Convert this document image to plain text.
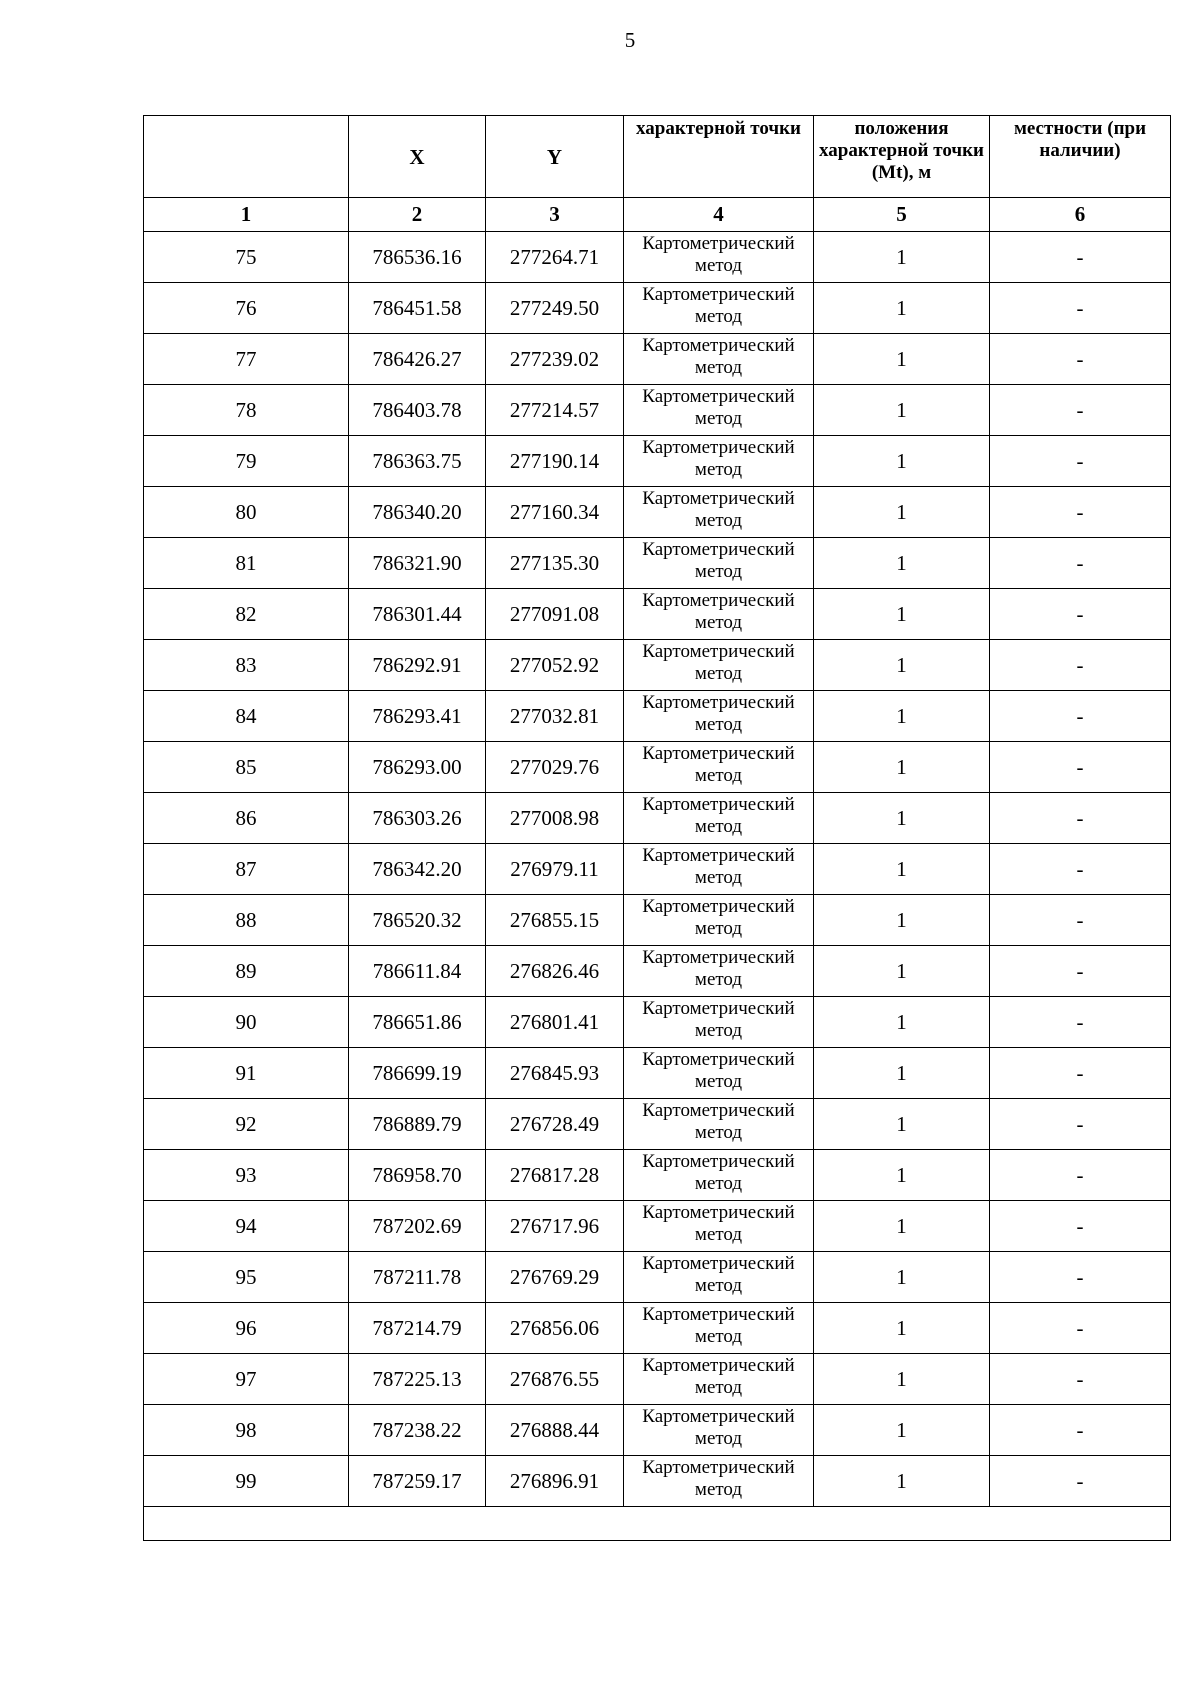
5
	X	Y	характерной точки	положения характерной точки (Mt), м	местности (при наличии)
1	2	3	4	5	6
75	786536.16	277264.71	Картометрический метод	1	-
76	786451.58	277249.50	Картометрический метод	1	-
77	786426.27	277239.02	Картометрический метод	1	-
78	786403.78	277214.57	Картометрический метод	1	-
79	786363.75	277190.14	Картометрический метод	1	-
80	786340.20	277160.34	Картометрический метод	1	-
81	786321.90	277135.30	Картометрический метод	1	-
82	786301.44	277091.08	Картометрический метод	1	-
83	786292.91	277052.92	Картометрический метод	1	-
84	786293.41	277032.81	Картометрический метод	1	-
85	786293.00	277029.76	Картометрический метод	1	-
86	786303.26	277008.98	Картометрический метод	1	-
87	786342.20	276979.11	Картометрический метод	1	-
88	786520.32	276855.15	Картометрический метод	1	-
89	786611.84	276826.46	Картометрический метод	1	-
90	786651.86	276801.41	Картометрический метод	1	-
91	786699.19	276845.93	Картометрический метод	1	-
92	786889.79	276728.49	Картометрический метод	1	-
93	786958.70	276817.28	Картометрический метод	1	-
94	787202.69	276717.96	Картометрический метод	1	-
95	787211.78	276769.29	Картометрический метод	1	-
96	787214.79	276856.06	Картометрический метод	1	-
97	787225.13	276876.55	Картометрический метод	1	-
98	787238.22	276888.44	Картометрический метод	1	-
99	787259.17	276896.91	Картометрический метод	1	-
